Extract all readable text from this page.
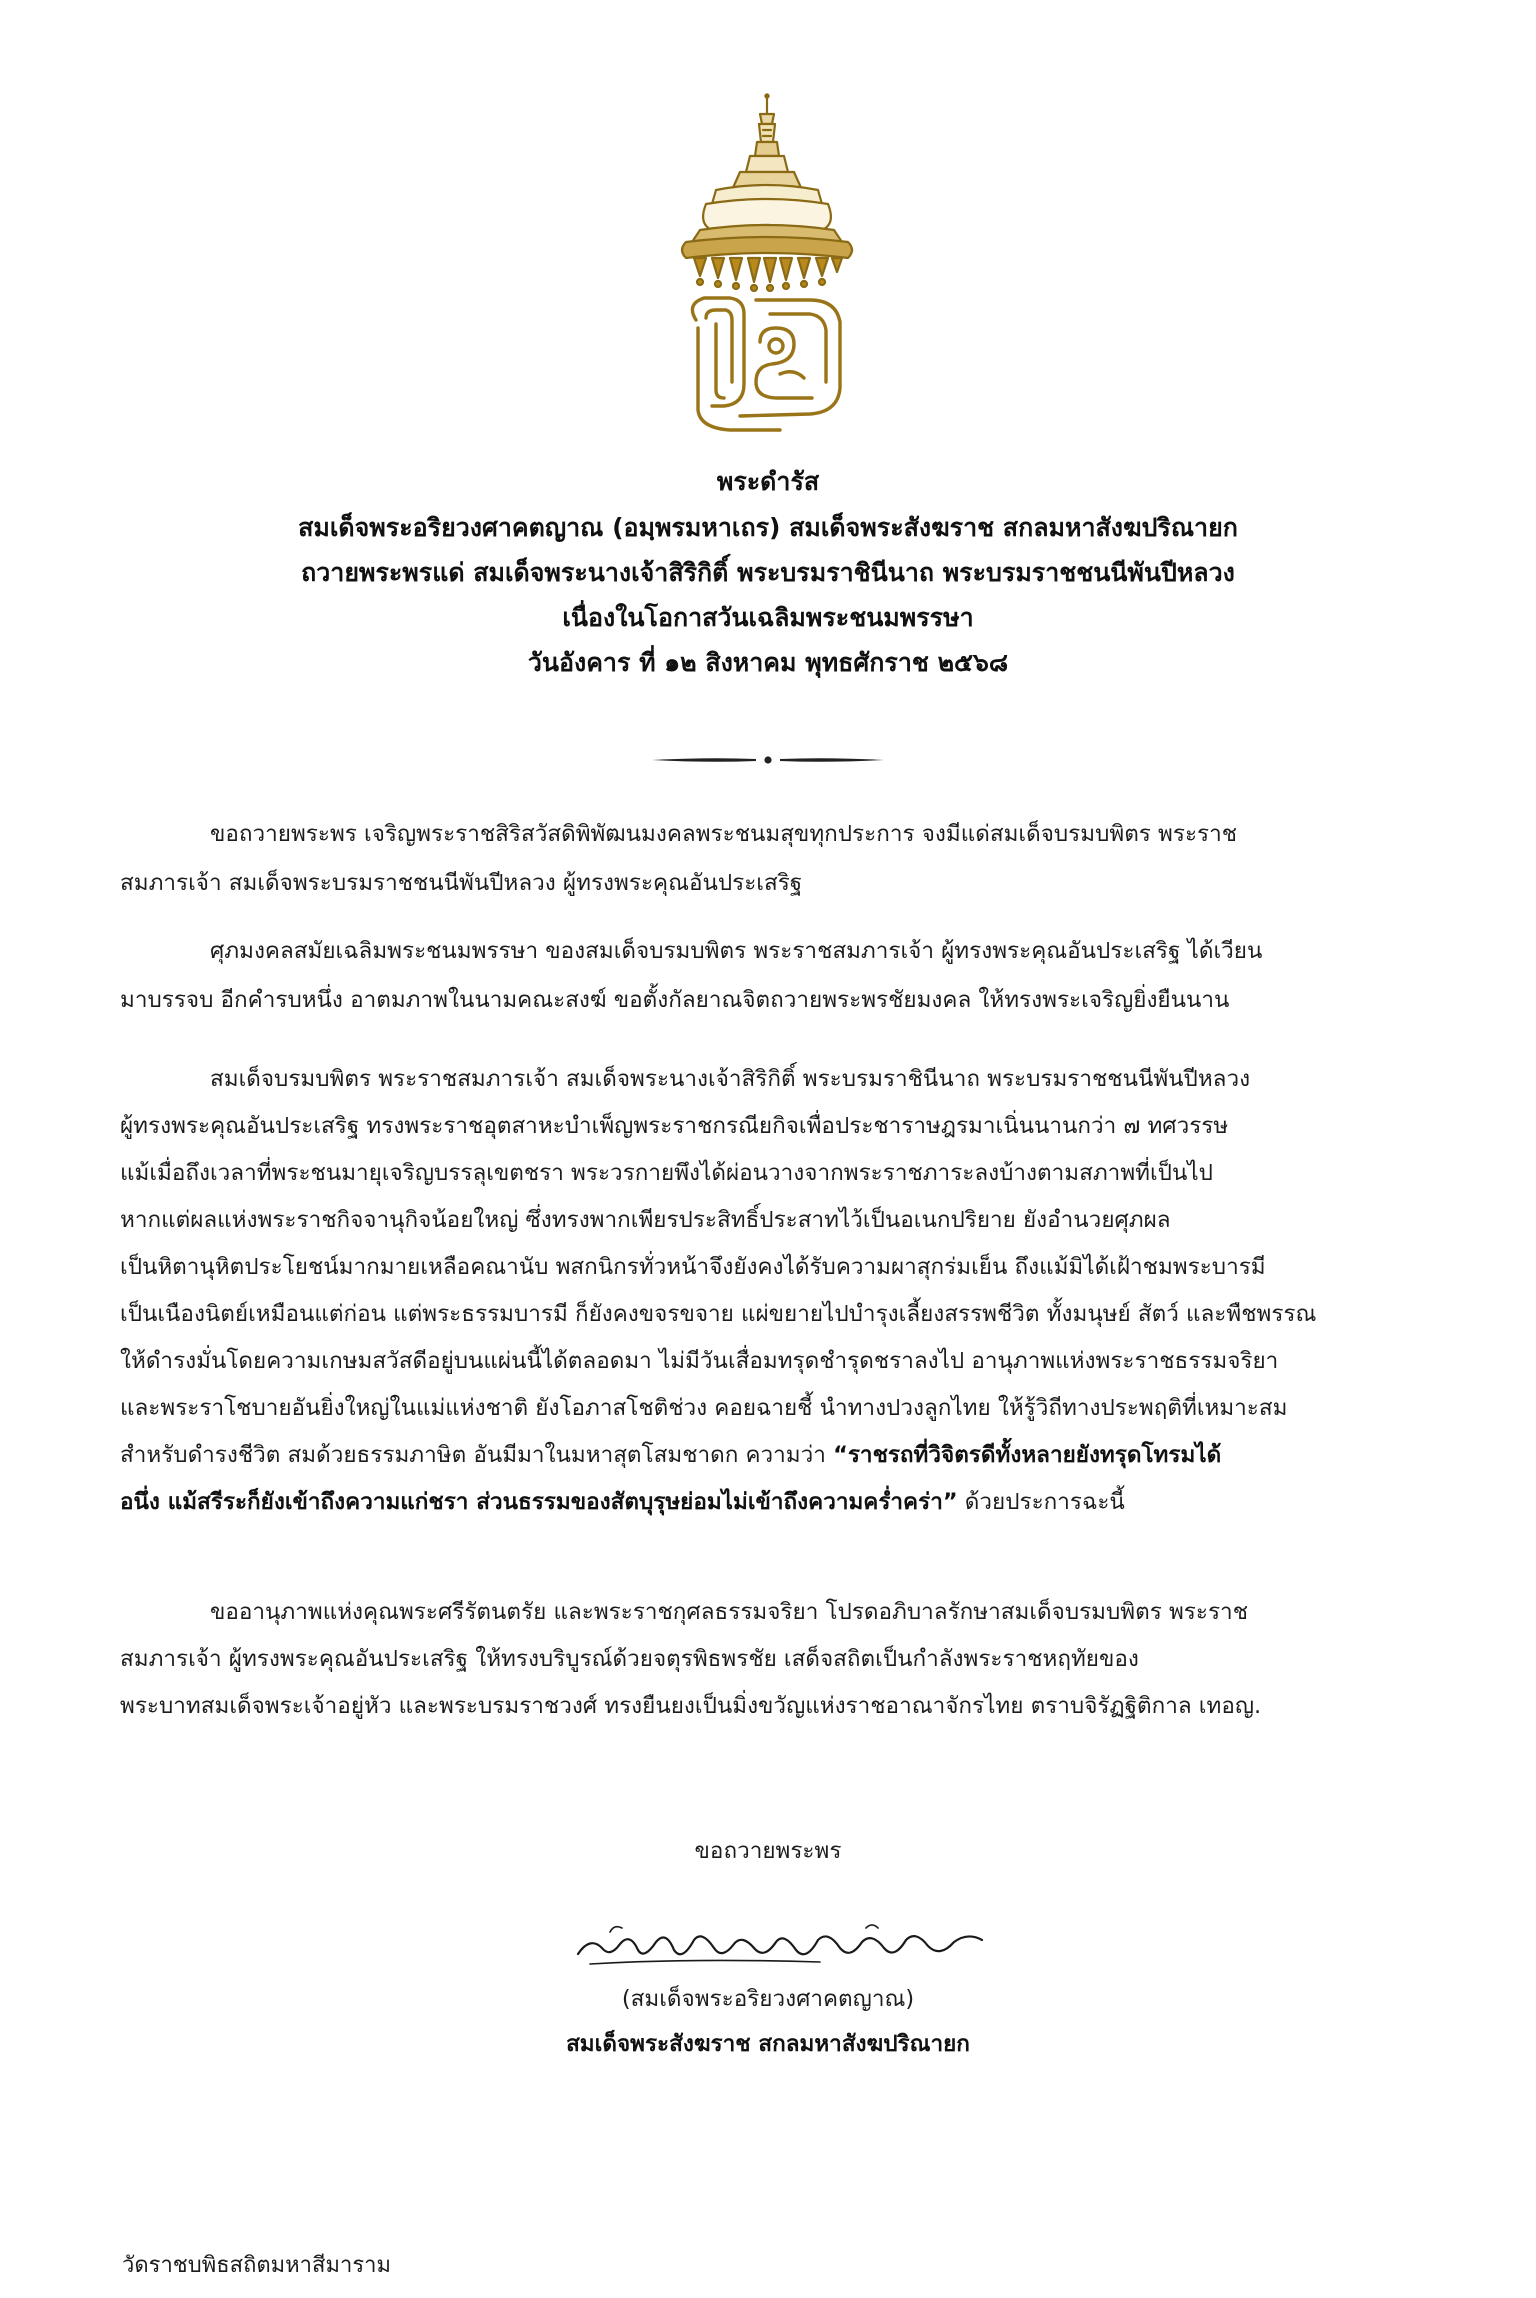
พระดำรัส
สมเด็จพระอริยวงศาคตญาณ (อมฺพรมหาเถร) สมเด็จพระสังฆราช สกลมหาสังฆปริณายก
ถวายพระพรแด่ สมเด็จพระนางเจ้าสิริกิติ์ พระบรมราชินีนาถ พระบรมราชชนนีพันปีหลวง
เนื่องในโอกาสวันเฉลิมพระชนมพรรษา
วันอังคาร ที่ ๑๒ สิงหาคม พุทธศักราช ๒๕๖๘
ขอถวายพระพร เจริญพระราชสิริสวัสดิพิพัฒนมงคลพระชนมสุขทุกประการ จงมีแด่สมเด็จบรมบพิตร พระราช
สมภารเจ้า สมเด็จพระบรมราชชนนีพันปีหลวง ผู้ทรงพระคุณอันประเสริฐ
ศุภมงคลสมัยเฉลิมพระชนมพรรษา ของสมเด็จบรมบพิตร พระราชสมภารเจ้า ผู้ทรงพระคุณอันประเสริฐ ได้เวียน
มาบรรจบ อีกคำรบหนึ่ง อาตมภาพในนามคณะสงฆ์ ขอตั้งกัลยาณจิตถวายพระพรชัยมงคล ให้ทรงพระเจริญยิ่งยืนนาน
สมเด็จบรมบพิตร พระราชสมภารเจ้า สมเด็จพระนางเจ้าสิริกิติ์ พระบรมราชินีนาถ พระบรมราชชนนีพันปีหลวง
ผู้ทรงพระคุณอันประเสริฐ ทรงพระราชอุตสาหะบำเพ็ญพระราชกรณียกิจเพื่อประชาราษฎรมาเนิ่นนานกว่า ๗ ทศวรรษ
แม้เมื่อถึงเวลาที่พระชนมายุเจริญบรรลุเขตชรา พระวรกายพึงได้ผ่อนวางจากพระราชภาระลงบ้างตามสภาพที่เป็นไป
หากแต่ผลแห่งพระราชกิจจานุกิจน้อยใหญ่ ซึ่งทรงพากเพียรประสิทธิ์ประสาทไว้เป็นอเนกปริยาย ยังอำนวยศุภผล
เป็นหิตานุหิตประโยชน์มากมายเหลือคณานับ พสกนิกรทั่วหน้าจึงยังคงได้รับความผาสุกร่มเย็น ถึงแม้มิได้เฝ้าชมพระบารมี
เป็นเนืองนิตย์เหมือนแต่ก่อน แต่พระธรรมบารมี ก็ยังคงขจรขจาย แผ่ขยายไปบำรุงเลี้ยงสรรพชีวิต ทั้งมนุษย์ สัตว์ และพืชพรรณ
ให้ดำรงมั่นโดยความเกษมสวัสดีอยู่บนแผ่นนี้ได้ตลอดมา ไม่มีวันเสื่อมทรุดชำรุดชราลงไป อานุภาพแห่งพระราชธรรมจริยา
และพระราโชบายอันยิ่งใหญ่ในแม่แห่งชาติ ยังโอภาสโชติช่วง คอยฉายชี้ นำทางปวงลูกไทย ให้รู้วิถีทางประพฤติที่เหมาะสม
สำหรับดำรงชีวิต สมด้วยธรรมภาษิต อันมีมาในมหาสุตโสมชาดก ความว่า “ราชรถที่วิจิตรดีทั้งหลายยังทรุดโทรมได้
อนึ่ง แม้สรีระก็ยังเข้าถึงความแก่ชรา ส่วนธรรมของสัตบุรุษย่อมไม่เข้าถึงความคร่ำคร่า” ด้วยประการฉะนี้
ขออานุภาพแห่งคุณพระศรีรัตนตรัย และพระราชกุศลธรรมจริยา โปรดอภิบาลรักษาสมเด็จบรมบพิตร พระราช
สมภารเจ้า ผู้ทรงพระคุณอันประเสริฐ ให้ทรงบริบูรณ์ด้วยจตุรพิธพรชัย เสด็จสถิตเป็นกำลังพระราชหฤทัยของ
พระบาทสมเด็จพระเจ้าอยู่หัว และพระบรมราชวงศ์ ทรงยืนยงเป็นมิ่งขวัญแห่งราชอาณาจักรไทย ตราบจิรัฏฐิติกาล เทอญ.
ขอถวายพระพร
(สมเด็จพระอริยวงศาคตญาณ)
สมเด็จพระสังฆราช สกลมหาสังฆปริณายก
วัดราชบพิธสถิตมหาสีมาราม
